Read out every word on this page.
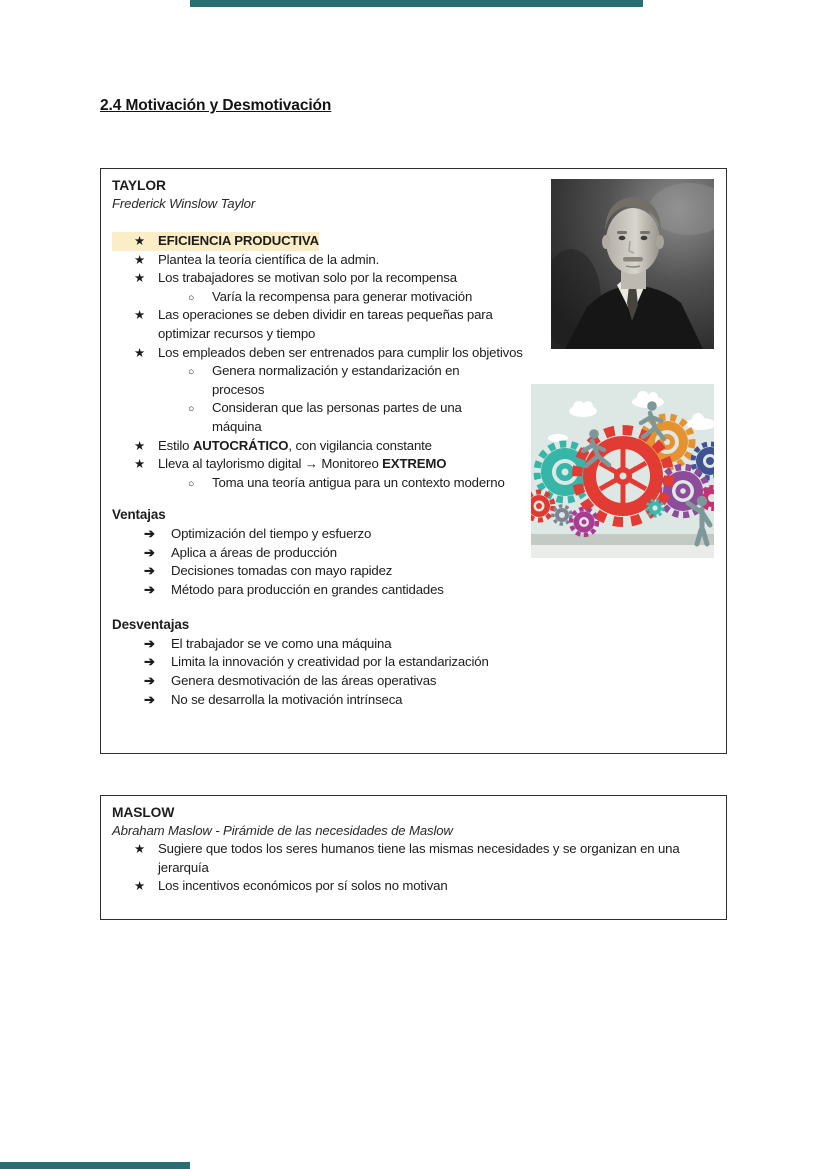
2.4 Motivación y Desmotivación
TAYLOR
Frederick Winslow Taylor
★ EFICIENCIA PRODUCTIVA
★ Plantea la teoría científica de la admin.
★ Los trabajadores se motivan solo por la recompensa
○	Varía la recompensa para generar motivación
★ Las operaciones se deben dividir en tareas pequeñas para optimizar recursos y tiempo
★ Los empleados deben ser entrenados para cumplir los objetivos
○	Genera normalización y estandarización en procesos
○	Consideran que las personas partes de una máquina
★ Estilo AUTOCRÁTICO, con vigilancia constante
★ Lleva al taylorismo digital → Monitoreo EXTREMO
○	Toma una teoría antigua para un contexto moderno
Ventajas
➔	Optimización del tiempo y esfuerzo
➔	Aplica a áreas de producción
➔	Decisiones tomadas con mayo rapidez
➔	Método para producción en grandes cantidades
Desventajas
➔	El trabajador se ve como una máquina
➔	Limita la innovación y creatividad por la estandarización
➔	Genera desmotivación de las áreas operativas
➔	No se desarrolla la motivación intrínseca
MASLOW
Abraham Maslow - Pirámide de las necesidades de Maslow
★ Sugiere que todos los seres humanos tiene las mismas necesidades y se organizan en una jerarquía
★ Los incentivos económicos por sí solos no motivan
